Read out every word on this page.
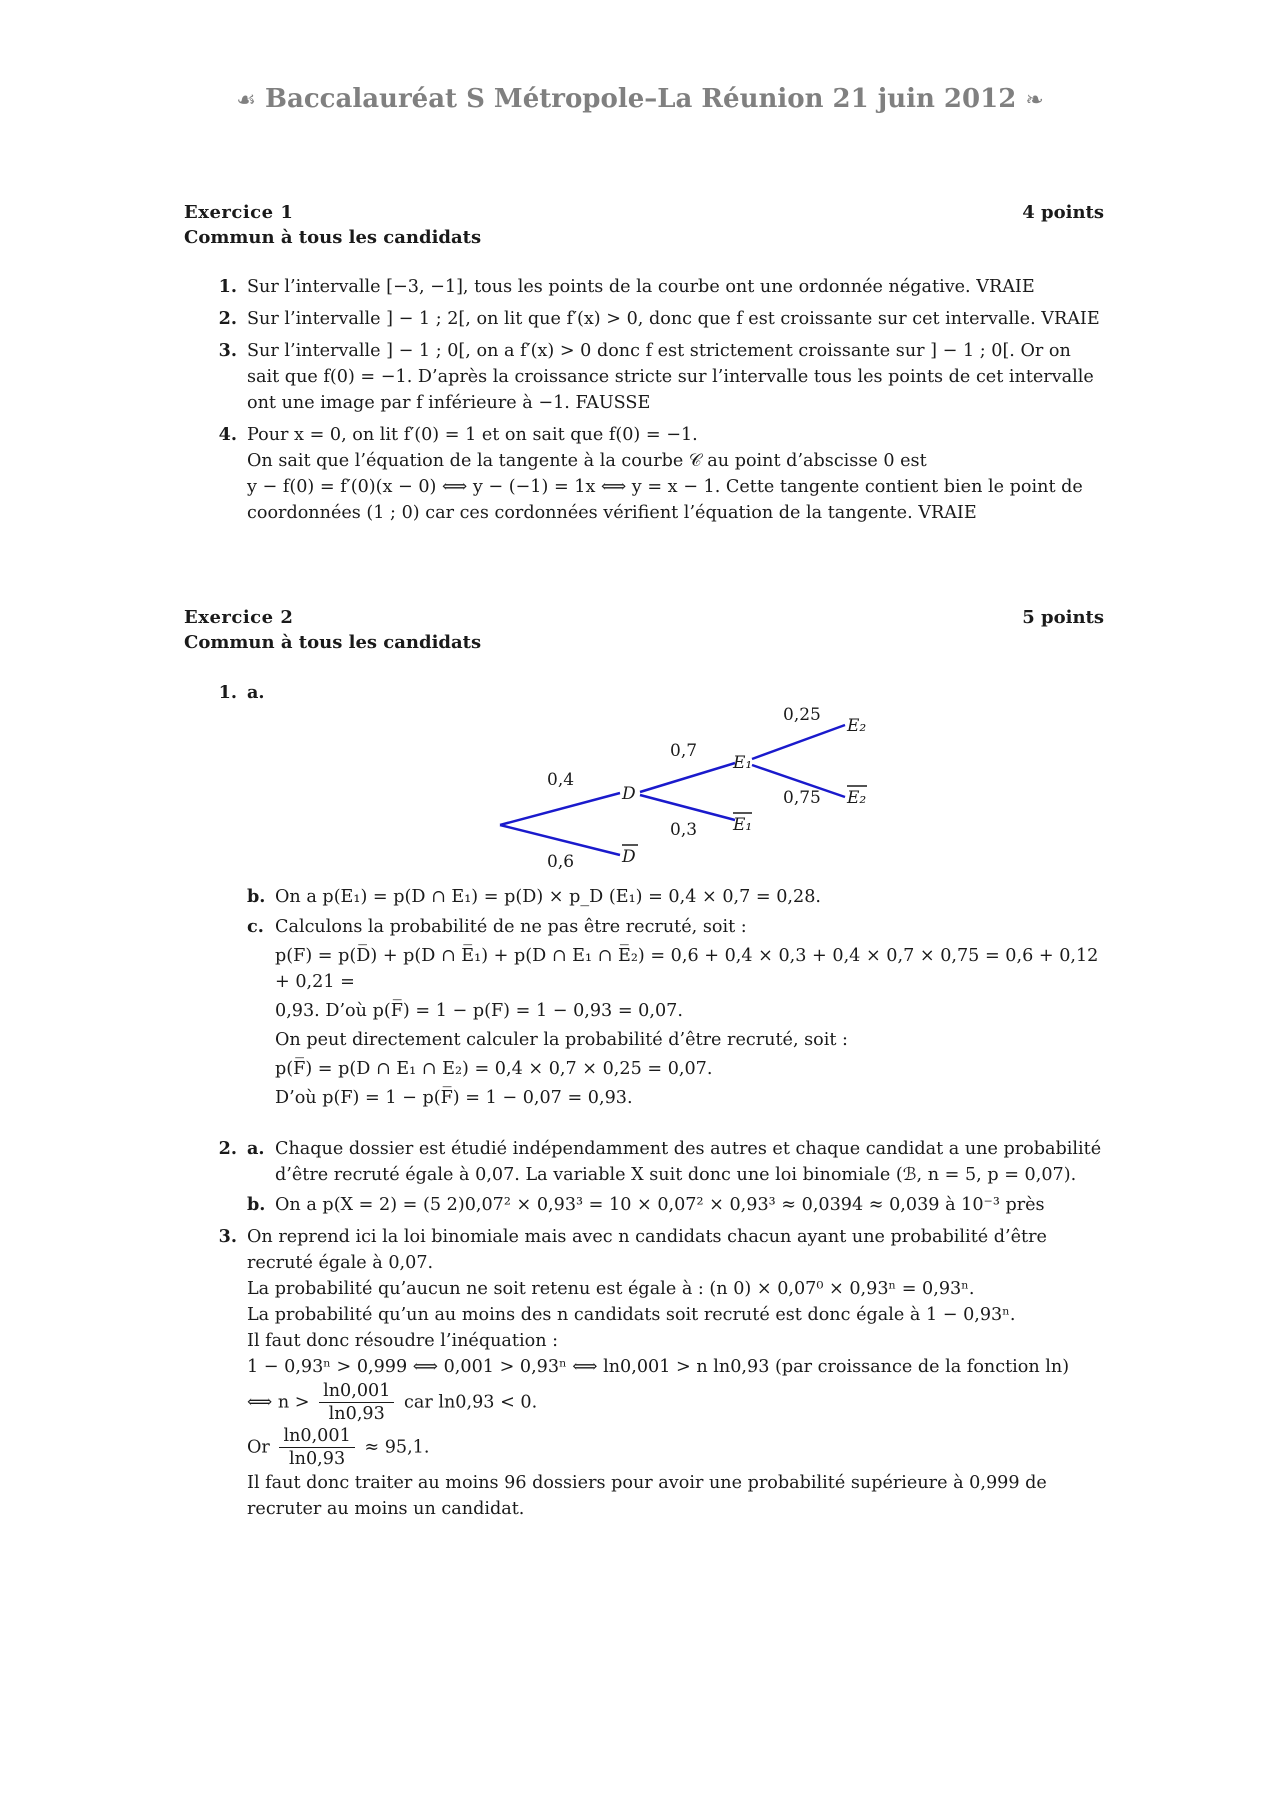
☙ Baccalauréat S Métropole–La Réunion 21 juin 2012 ❧
Exercice 1	4 points
Commun à tous les candidats
1. Sur l’intervalle [−3, −1], tous les points de la courbe ont une ordonnée négative. VRAIE
2. Sur l’intervalle ] − 1 ; 2[, on lit que f′(x) > 0, donc que f est croissante sur cet intervalle. VRAIE
3. Sur l’intervalle ] − 1 ; 0[, on a f′(x) > 0 donc f est strictement croissante sur ] − 1 ; 0[. Or on sait que f(0) = −1. D’après la croissance stricte sur l’intervalle tous les points de cet intervalle ont une image par f inférieure à −1. FAUSSE
4. Pour x = 0, on lit f′(0) = 1 et on sait que f(0) = −1.
On sait que l’équation de la tangente à la courbe 𝒞 au point d’abscisse 0 est
y − f(0) = f′(0)(x − 0) ⟺ y − (−1) = 1x ⟺ y = x − 1. Cette tangente contient bien le point de coordonnées (1 ; 0) car ces cordonnées vérifient l’équation de la tangente. VRAIE
Exercice 2	5 points
Commun à tous les candidats
1. a.
0,4
0,6
0,7
0,3
0,25
0,75
D
D
E₁
E₁
E₂
E₂
b. On a p(E₁) = p(D ∩ E₁) = p(D) × p_D (E₁) = 0,4 × 0,7 = 0,28.
c. Calculons la probabilité de ne pas être recruté, soit :
p(F) = p(D̅) + p(D ∩ E̅₁) + p(D ∩ E₁ ∩ E̅₂) = 0,6 + 0,4 × 0,3 + 0,4 × 0,7 × 0,75 = 0,6 + 0,12 + 0,21 =
0,93. D’où p(F̅) = 1 − p(F) = 1 − 0,93 = 0,07.
On peut directement calculer la probabilité d’être recruté, soit :
p(F̅) = p(D ∩ E₁ ∩ E₂) = 0,4 × 0,7 × 0,25 = 0,07.
D’où p(F) = 1 − p(F̅) = 1 − 0,07 = 0,93.
2. a. Chaque dossier est étudié indépendamment des autres et chaque candidat a une probabilité d’être recruté égale à 0,07. La variable X suit donc une loi binomiale (ℬ, n = 5, p = 0,07).
b. On a p(X = 2) = (5 2)0,07² × 0,93³ = 10 × 0,07² × 0,93³ ≈ 0,0394 ≈ 0,039 à 10⁻³ près
3. On reprend ici la loi binomiale mais avec n candidats chacun ayant une probabilité d’être recruté égale à 0,07.
La probabilité qu’aucun ne soit retenu est égale à : (n 0) × 0,07⁰ × 0,93ⁿ = 0,93ⁿ.
La probabilité qu’un au moins des n candidats soit recruté est donc égale à 1 − 0,93ⁿ.
Il faut donc résoudre l’inéquation :
1 − 0,93ⁿ > 0,999 ⟺ 0,001 > 0,93ⁿ ⟺ ln0,001 > n ln0,93 (par croissance de la fonction ln)
⟺ $n > \frac{\ln 0,001}{\ln 0,93}$ car ln0,93 < 0.
Or $\frac{\ln 0,001}{\ln 0,93} \approx 95,1$.
Il faut donc traiter au moins 96 dossiers pour avoir une probabilité supérieure à 0,999 de recruter au moins un candidat.
